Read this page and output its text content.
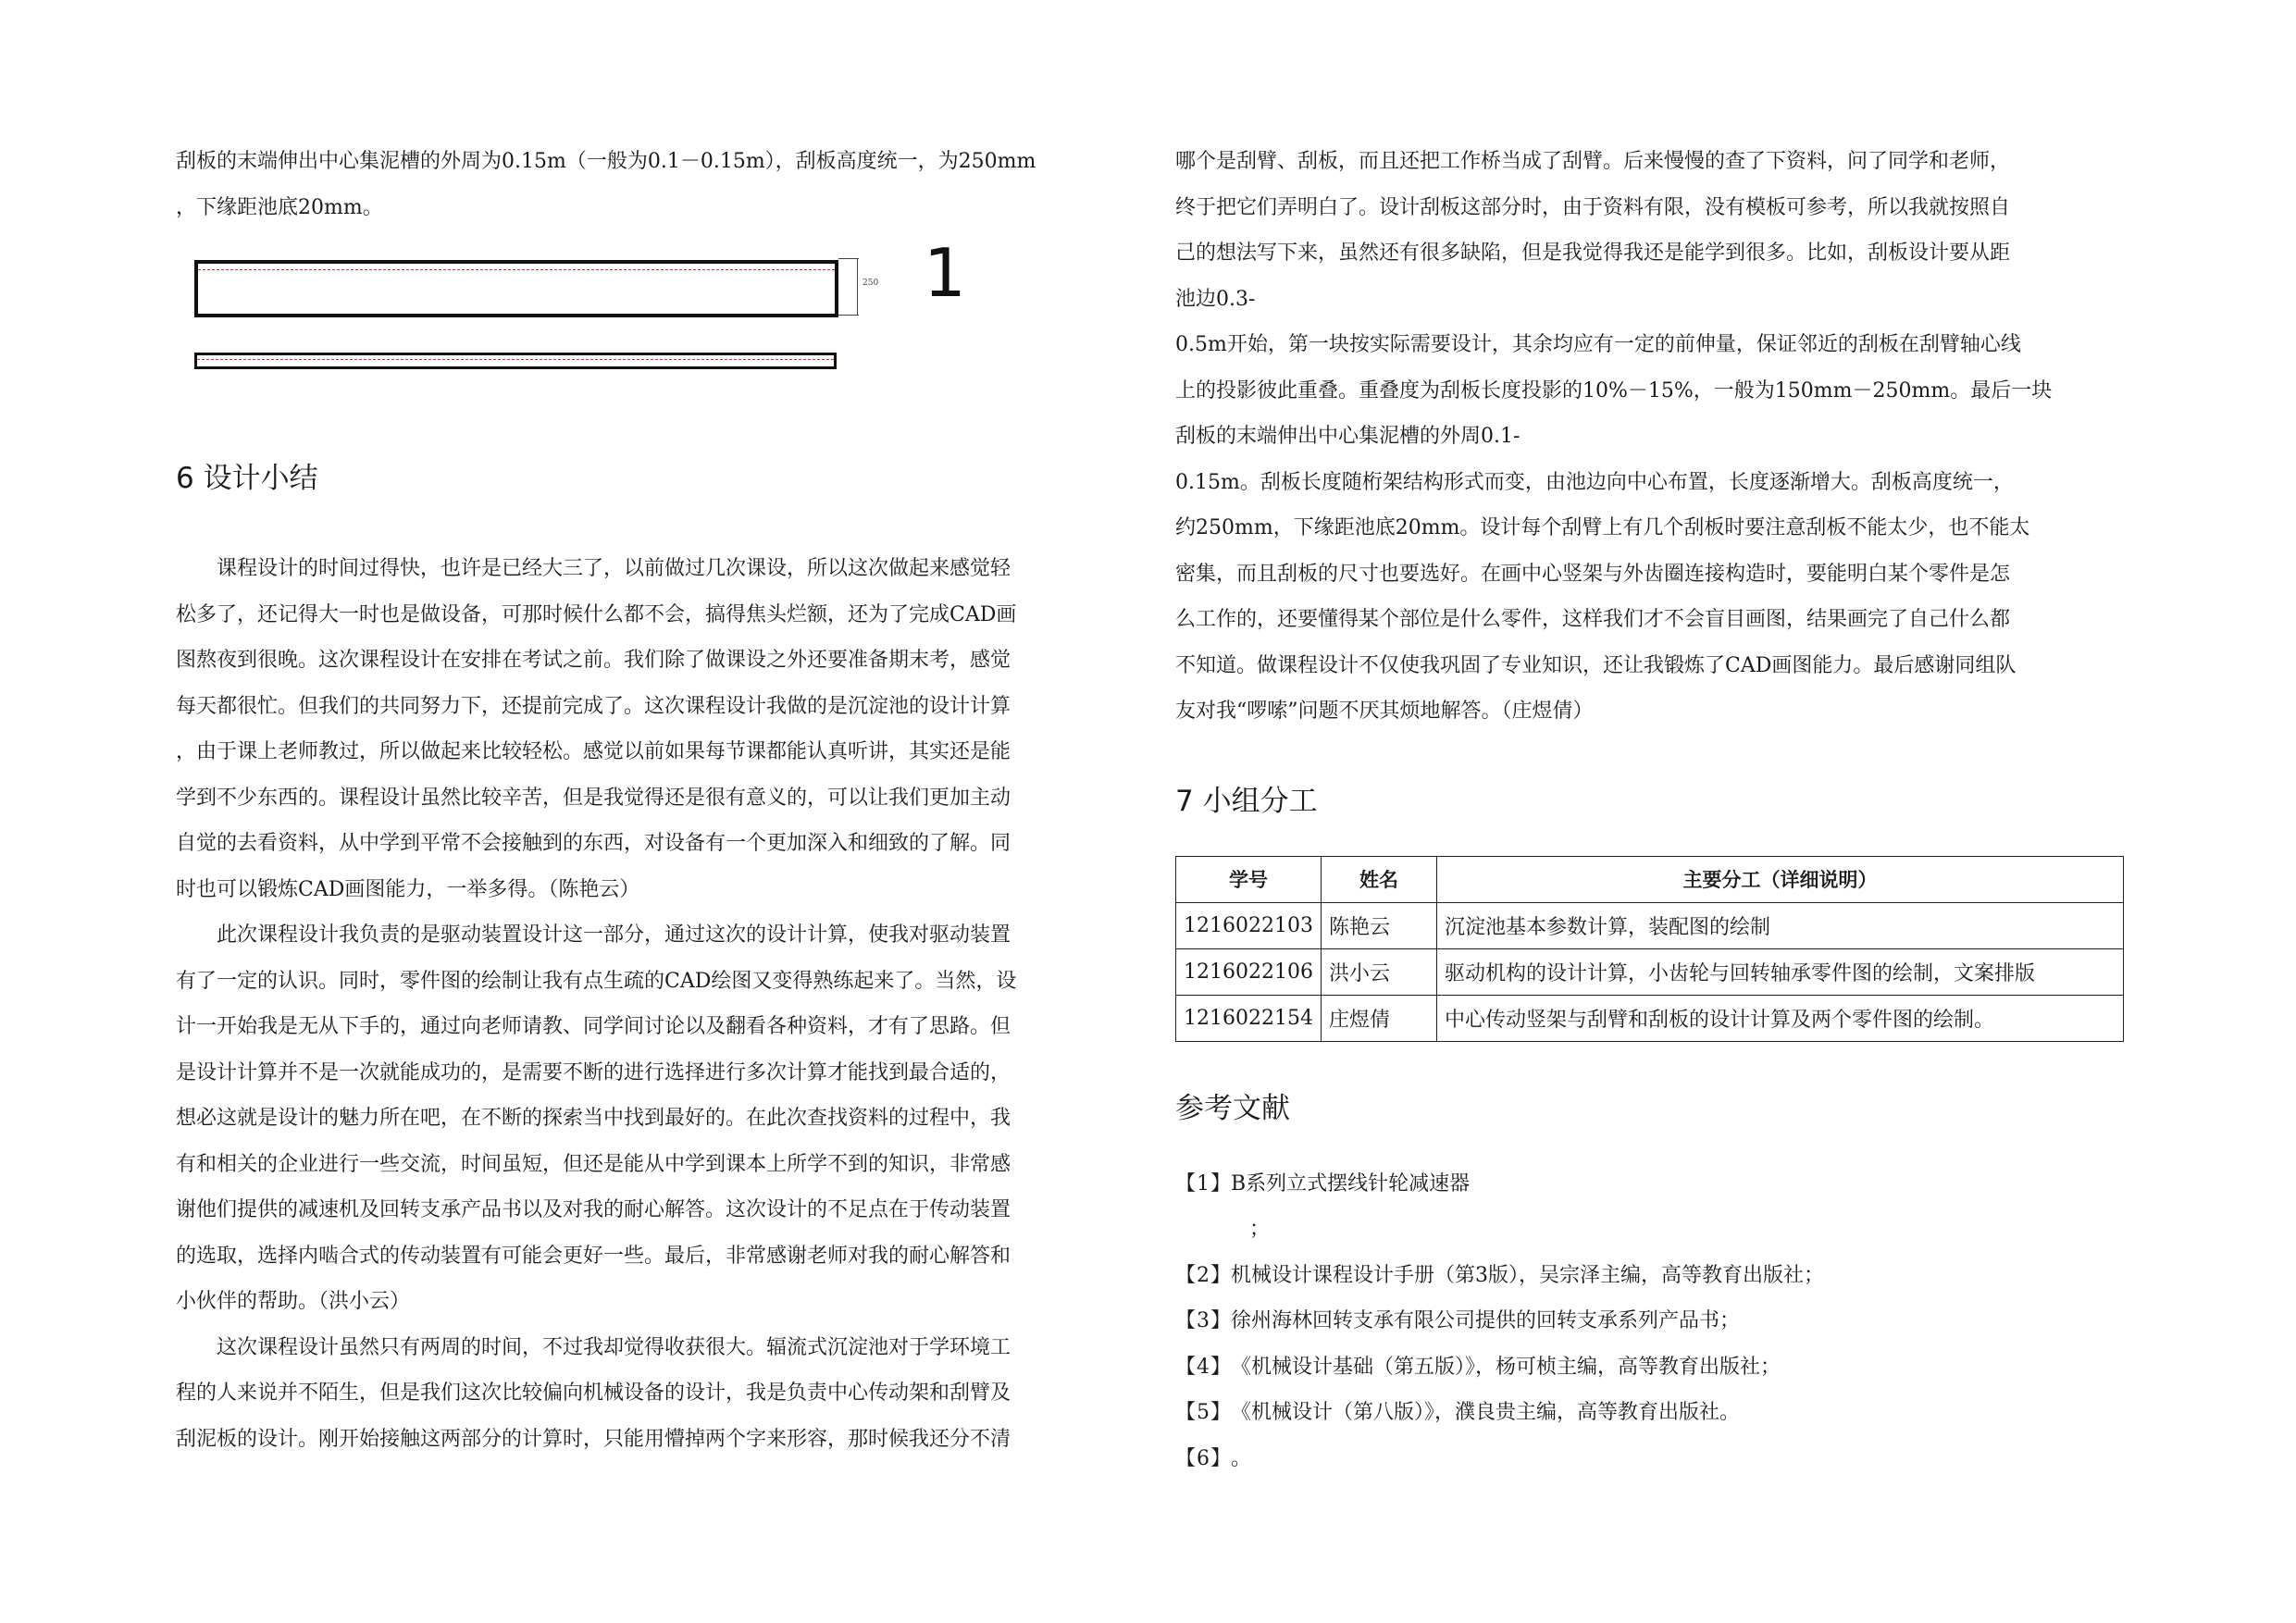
刮板的末端伸出中心集泥槽的外周为0.15m（一般为0.1－0.15m），刮板高度统一，为250mm
，下缘距池底20mm。

250 1
6 设计小结

课程设计的时间过得快，也许是已经大三了，以前做过几次课设，所以这次做起来感觉轻
松多了，还记得大一时也是做设备，可那时候什么都不会，搞得焦头烂额，还为了完成CAD画
图熬夜到很晚。这次课程设计在安排在考试之前。我们除了做课设之外还要准备期末考，感觉
每天都很忙。但我们的共同努力下，还提前完成了。这次课程设计我做的是沉淀池的设计计算
，由于课上老师教过，所以做起来比较轻松。感觉以前如果每节课都能认真听讲，其实还是能
学到不少东西的。课程设计虽然比较辛苦，但是我觉得还是很有意义的，可以让我们更加主动
自觉的去看资料，从中学到平常不会接触到的东西，对设备有一个更加深入和细致的了解。同
时也可以锻炼CAD画图能力，一举多得。（陈艳云）

此次课程设计我负责的是驱动装置设计这一部分，通过这次的设计计算，使我对驱动装置
有了一定的认识。同时，零件图的绘制让我有点生疏的CAD绘图又变得熟练起来了。当然，设
计一开始我是无从下手的，通过向老师请教、同学间讨论以及翻看各种资料，才有了思路。但
是设计计算并不是一次就能成功的，是需要不断的进行选择进行多次计算才能找到最合适的，
想必这就是设计的魅力所在吧，在不断的探索当中找到最好的。在此次查找资料的过程中，我
有和相关的企业进行一些交流，时间虽短，但还是能从中学到课本上所学不到的知识，非常感
谢他们提供的减速机及回转支承产品书以及对我的耐心解答。这次设计的不足点在于传动装置
的选取，选择内啮合式的传动装置有可能会更好一些。最后，非常感谢老师对我的耐心解答和
小伙伴的帮助。（洪小云）

这次课程设计虽然只有两周的时间，不过我却觉得收获很大。辐流式沉淀池对于学环境工
程的人来说并不陌生，但是我们这次比较偏向机械设备的设计，我是负责中心传动架和刮臂及
刮泥板的设计。刚开始接触这两部分的计算时，只能用懵掉两个字来形容，那时候我还分不清

哪个是刮臂、刮板，而且还把工作桥当成了刮臂。后来慢慢的查了下资料，问了同学和老师，
终于把它们弄明白了。设计刮板这部分时，由于资料有限，没有模板可参考，所以我就按照自
己的想法写下来，虽然还有很多缺陷，但是我觉得我还是能学到很多。比如，刮板设计要从距
池边0.3-
0.5m开始，第一块按实际需要设计，其余均应有一定的前伸量，保证邻近的刮板在刮臂轴心线
上的投影彼此重叠。重叠度为刮板长度投影的10%－15%，一般为150mm－250mm。最后一块
刮板的末端伸出中心集泥槽的外周0.1-
0.15m。刮板长度随桁架结构形式而变，由池边向中心布置，长度逐渐增大。刮板高度统一，
约250mm，下缘距池底20mm。设计每个刮臂上有几个刮板时要注意刮板不能太少，也不能太
密集，而且刮板的尺寸也要选好。在画中心竖架与外齿圈连接构造时，要能明白某个零件是怎
么工作的，还要懂得某个部位是什么零件，这样我们才不会盲目画图，结果画完了自己什么都
不知道。做课程设计不仅使我巩固了专业知识，还让我锻炼了CAD画图能力。最后感谢同组队
友对我“啰嗦”问题不厌其烦地解答。（庄煜倩）

7 小组分工
学号	姓名	主要分工（详细说明）
1216022103	陈艳云	沉淀池基本参数计算，装配图的绘制
1216022106	洪小云	驱动机构的设计计算，小齿轮与回转轴承零件图的绘制，文案排版
1216022154	庄煜倩	中心传动竖架与刮臂和刮板的设计计算及两个零件图的绘制。
参考文献
【1】B系列立式摆线针轮减速器
；
【2】机械设计课程设计手册（第3版），吴宗泽主编，高等教育出版社；
【3】徐州海林回转支承有限公司提供的回转支承系列产品书；
【4】《机械设计基础（第五版）》，杨可桢主编，高等教育出版社；
【5】《机械设计（第八版）》，濮良贵主编，高等教育出版社。
【6】。
